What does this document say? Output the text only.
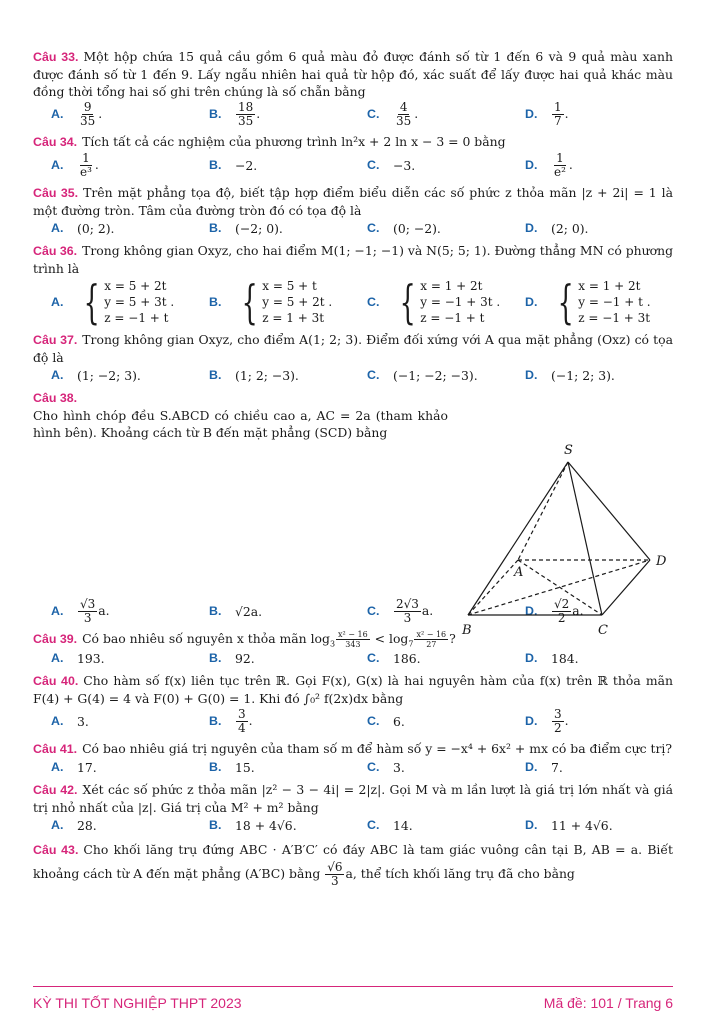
Câu 33. Một hộp chứa 15 quả cầu gồm 6 quả màu đỏ được đánh số từ 1 đến 6 và 9 quả màu xanh được đánh số từ 1 đến 9. Lấy ngẫu nhiên hai quả từ hộp đó, xác suất để lấy được hai quả khác màu đồng thời tổng hai số ghi trên chúng là số chẵn bằng
A.	$\frac{9}{35}$ .	B.	$\frac{18}{35}$ .	C.	$\frac{4}{35}$ .	D.	$\frac{1}{7}$ .
Câu 34. Tích tất cả các nghiệm của phương trình ln²x + 2 ln x − 3 = 0 bằng
A.	$\frac{1}{\text{e³}}$ .	B.	−2.	C.	−3.	D.	$\frac{1}{\text{e²}}$ .
Câu 35. Trên mặt phẳng tọa độ, biết tập hợp điểm biểu diễn các số phức z thỏa mãn |z + 2i| = 1 là một đường tròn. Tâm của đường tròn đó có tọa độ là
A.	(0; 2).	B.	(−2; 0).	C.	(0; −2).	D.	(2; 0).
Câu 36. Trong không gian Oxyz, cho hai điểm M(1; −1; −1) và N(5; 5; 1). Đường thẳng MN có phương trình là
A. { x = 5 + 2t
y = 5 + 3t .
z = −1 + t
B. { x = 5 + t
y = 5 + 2t .
z = 1 + 3t
C. { x = 1 + 2t
y = −1 + 3t .
z = −1 + t
D. { x = 1 + 2t
y = −1 + t .
z = −1 + 3t
Câu 37. Trong không gian Oxyz, cho điểm A(1; 2; 3). Điểm đối xứng với A qua mặt phẳng (Oxz) có tọa độ là
A.	(1; −2; 3).	B.	(1; 2; −3).	C.	(−1; −2; −3).	D.	(−1; 2; 3).
Câu 38.
Cho hình chóp đều S.ABCD có chiều cao a, AC = 2a (tham khảo hình bên). Khoảng cách từ B đến mặt phẳng (SCD) bằng
A.	$\frac{√3}{3} a$.	B.	√2a.	C.	$\frac{2√3}{3} a$.	D.	$\frac{√2}{2} a$.
Câu 39. Có bao nhiêu số nguyên x thỏa mãn $\log_3 \frac{\text{x² − 16}}{343} < \log_7 \frac{\text{x² − 16}}{27}$ ?
A.	193.	B.	92.	C.	186.	D.	184.
Câu 40. Cho hàm số f(x) liên tục trên ℝ. Gọi F(x), G(x) là hai nguyên hàm của f(x) trên ℝ thỏa mãn F(4) + G(4) = 4 và F(0) + G(0) = 1. Khi đó ∫₀² f(2x)dx bằng
A.	3.	B.	$\frac{3}{4}$ .	C.	6.	D.	$\frac{3}{2}$ .
Câu 41. Có bao nhiêu giá trị nguyên của tham số m để hàm số y = −x⁴ + 6x² + mx có ba điểm cực trị?
A.	17.	B.	15.	C.	3.	D.	7.
Câu 42. Xét các số phức z thỏa mãn |z² − 3 − 4i| = 2|z|. Gọi M và m lần lượt là giá trị lớn nhất và giá trị nhỏ nhất của |z|. Giá trị của M² + m² bằng
A.	28.	B.	18 + 4√6.	C.	14.	D.	11 + 4√6.
Câu 43. Cho khối lăng trụ đứng ABC · A′B′C′ có đáy ABC là tam giác vuông cân tại B, AB = a. Biết khoảng cách từ A đến mặt phẳng (A′BC) bằng $\frac{√6}{3} a$, thể tích khối lăng trụ đã cho bằng
S
A
B	C
D
KỲ THI TỐT NGHIỆP THPT 2023	Mã đề: 101 / Trang 6
